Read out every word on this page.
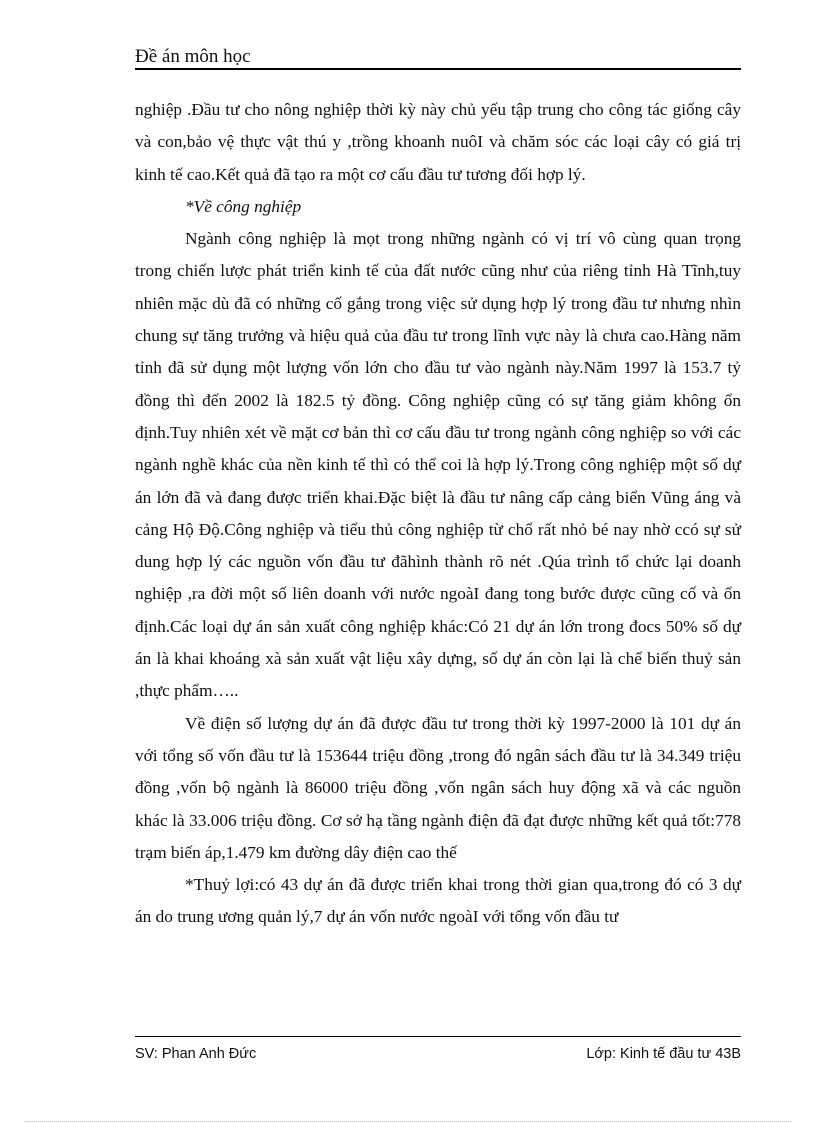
Đề án môn học

nghiệp .Đầu tư cho nông nghiệp thời kỳ này chủ yếu tập trung cho công tác giống cây và con,bảo vệ thực vật thú y ,trồng khoanh nuôI và chăm sóc các loại cây có giá trị kinh tế cao.Kết quả đã tạo ra một cơ cấu đầu tư tương đối hợp lý.

*Về công nghiệp

Ngành công nghiệp là mọt trong những ngành có vị trí vô cùng quan trọng trong chiến lược phát triển kinh tế của đất nước cũng như của riêng tỉnh Hà Tĩnh,tuy nhiên mặc dù đã có những cố gắng trong việc sử dụng hợp lý trong đầu tư nhưng nhìn chung sự tăng trưởng và hiệu quả của đầu tư trong lĩnh vực này là chưa cao.Hàng năm tỉnh đã sử dụng một lượng vốn lớn cho đầu tư vào ngành này.Năm 1997 là 153.7 tỷ đồng thì đến 2002 là 182.5 tỷ đồng. Công nghiệp cũng có sự tăng giảm không ổn định.Tuy nhiên xét về mặt cơ bản thì cơ cấu đầu tư trong ngành công nghiệp so với các ngành nghề khác của nền kinh tế thì có thể coi là hợp lý.Trong công nghiệp một số dự án lớn đã và đang được triển khai.Đặc biệt là đầu tư nâng cấp cảng biển Vũng áng và cảng Hộ Độ.Công nghiệp và tiểu thủ công nghiệp từ chổ rất nhỏ bé nay nhờ ccó sự sử dung hợp lý các nguồn vốn đầu tư đãhình thành rõ nét .Qúa trình tổ chức lại doanh nghiệp ,ra đời một số liên doanh với nước ngoàI đang tong bước được cũng cố và ổn định.Các loại dự án sản xuất công nghiệp khác:Có 21 dự án lớn trong đocs 50% số dự án là khai khoáng xà sản xuất vật liệu xây dựng, số dự án còn lại là chế biến thuỷ sản ,thực phẩm…..

Về điện số lượng dự án đã được đầu tư trong thời kỳ 1997-2000 là 101 dự án với tổng số vốn đầu tư là 153644 triệu đồng ,trong đó ngân sách đầu tư là 34.349 triệu đồng ,vốn bộ ngành là 86000 triệu đồng ,vốn ngân sách huy động xã và các nguồn khác là 33.006 triệu đồng. Cơ sở hạ tầng ngành điện đã đạt được những kết quả tốt:778 trạm biến áp,1.479 km đường dây điện cao thế

*Thuỷ lợi:có 43 dự án đã được triển khai trong thời gian qua,trong đó có 3 dự án do trung ương quản lý,7 dự án vốn nước ngoàI với tổng vốn đầu tư

SV: Phan Anh Đức	Lớp: Kinh tế đầu tư 43B
